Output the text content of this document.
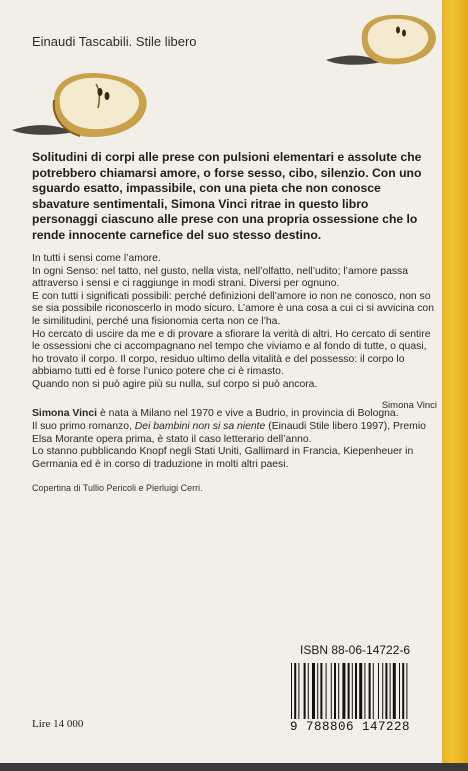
Einaudi Tascabili. Stile libero
Solitudini di corpi alle prese con pulsioni elementari e assolute che potrebbero chiamarsi amore, o forse sesso, cibo, silenzio. Con uno sguardo esatto, impassibile, con una pieta che non conosce sbavature sentimentali, Simona Vinci ritrae in questo libro personaggi ciascuno alle prese con una propria ossessione che lo rende innocente carnefice del suo stesso destino.

In tutti i sensi come l’amore.

In ogni Senso: nel tatto, nel gusto, nella vista, nell’olfatto, nell’udito; l’amore passa attraverso i sensi e ci raggiunge in modi strani. Diversi per ognuno.

E con tutti i significati possibili: perché definizioni dell’amore io non ne conosco, non so se sia possibile riconoscerlo in modo sicuro. L’amore è una cosa a cui ci si avvicina con le similitudini, perché una fisionomia certa non ce l’ha.

Ho cercato di uscire da me e di provare a sfiorare la verità di altri. Ho cercato di sentire le ossessioni che ci accompagnano nel tempo che viviamo e al fondo di tutte, o quasi, ho trovato il corpo. Il corpo, residuo ultimo della vitalità e del possesso: il corpo lo abbiamo tutti ed è forse l’unico potere che ci è rimasto.

Quando non si può agire più su nulla, sul corpo si può ancora.

Simona Vinci

Simona Vinci è nata a Milano nel 1970 e vive a Budrio, in provincia di Bologna.

Il suo primo romanzo, Dei bambini non si sa niente (Einaudi Stile libero 1997), Premio Elsa Morante opera prima, è stato il caso letterario dell’anno.

Lo stanno pubblicando Knopf negli Stati Uniti, Gallimard in Francia, Kiepenheuer in Germania ed è in corso di traduzione in molti altri paesi.

Copertina di Tullio Pericoli e Pierluigi Cerri.
ISBN 88-06-14722-6
9 788806 147228
Lire 14 000
